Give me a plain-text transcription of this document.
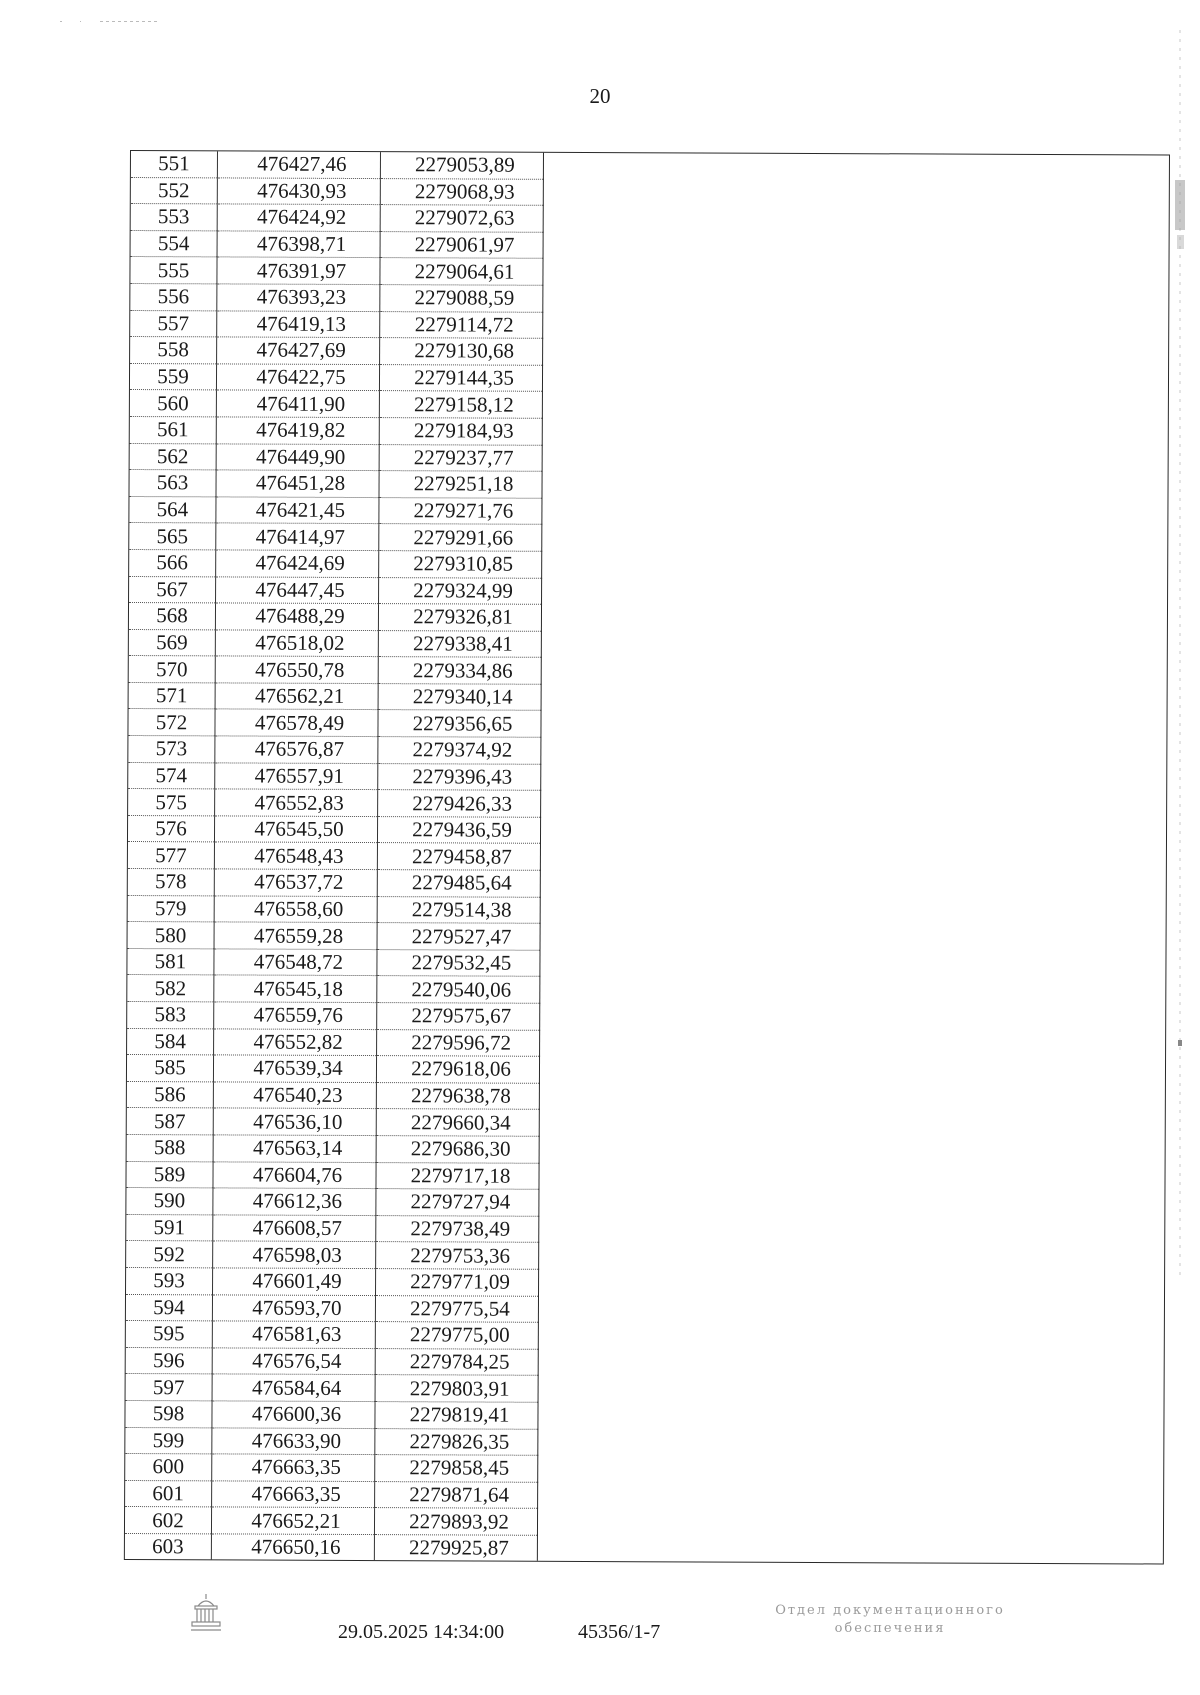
20
551	476427,46	2279053,89
552	476430,93	2279068,93
553	476424,92	2279072,63
554	476398,71	2279061,97
555	476391,97	2279064,61
556	476393,23	2279088,59
557	476419,13	2279114,72
558	476427,69	2279130,68
559	476422,75	2279144,35
560	476411,90	2279158,12
561	476419,82	2279184,93
562	476449,90	2279237,77
563	476451,28	2279251,18
564	476421,45	2279271,76
565	476414,97	2279291,66
566	476424,69	2279310,85
567	476447,45	2279324,99
568	476488,29	2279326,81
569	476518,02	2279338,41
570	476550,78	2279334,86
571	476562,21	2279340,14
572	476578,49	2279356,65
573	476576,87	2279374,92
574	476557,91	2279396,43
575	476552,83	2279426,33
576	476545,50	2279436,59
577	476548,43	2279458,87
578	476537,72	2279485,64
579	476558,60	2279514,38
580	476559,28	2279527,47
581	476548,72	2279532,45
582	476545,18	2279540,06
583	476559,76	2279575,67
584	476552,82	2279596,72
585	476539,34	2279618,06
586	476540,23	2279638,78
587	476536,10	2279660,34
588	476563,14	2279686,30
589	476604,76	2279717,18
590	476612,36	2279727,94
591	476608,57	2279738,49
592	476598,03	2279753,36
593	476601,49	2279771,09
594	476593,70	2279775,54
595	476581,63	2279775,00
596	476576,54	2279784,25
597	476584,64	2279803,91
598	476600,36	2279819,41
599	476633,90	2279826,35
600	476663,35	2279858,45
601	476663,35	2279871,64
602	476652,21	2279893,92
603	476650,16	2279925,87
29.05.2025 14:34:00	45356/1-7
Отдел документационного
обеспечения
